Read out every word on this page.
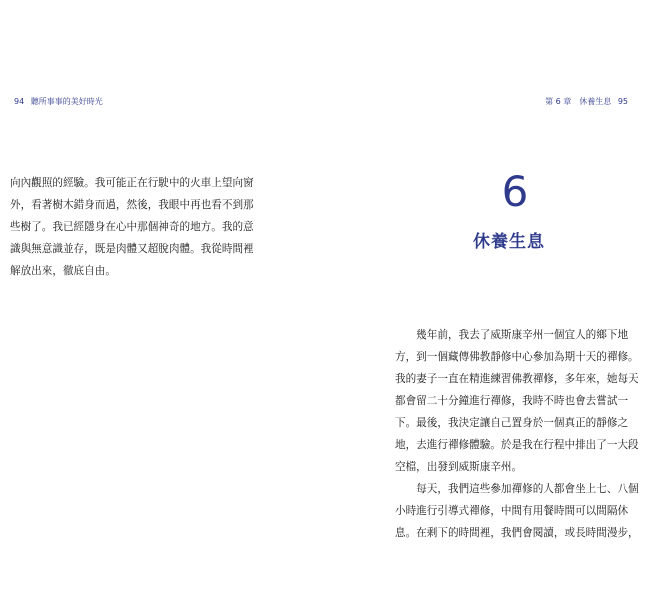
94 聽所事事的美好時光

向內觀照的經驗。我可能正在行駛中的火車上望向窗
外，看著樹木錯身而過，然後，我眼中再也看不到那
些樹了。我已經隱身在心中那個神奇的地方。我的意
識與無意識並存，既是肉體又超脫肉體。我從時間裡
解放出來，徹底自由。

第 6 章　休養生息 95
6
休養生息

　　幾年前，我去了威斯康辛州一個宜人的鄉下地
方，到一個藏傳佛教靜修中心參加為期十天的禪修。
我的妻子一直在精進練習佛教禪修，多年來，她每天
都會留二十分鐘進行禪修，我時不時也會去嘗試一
下。最後，我決定讓自己置身於一個真正的靜修之
地，去進行禪修體驗。於是我在行程中排出了一大段
空檔，出發到威斯康辛州。
　　每天，我們這些參加禪修的人都會坐上七、八個
小時進行引導式禪修，中間有用餐時間可以間隔休
息。在剩下的時間裡，我們會閱讀，或長時間漫步，
